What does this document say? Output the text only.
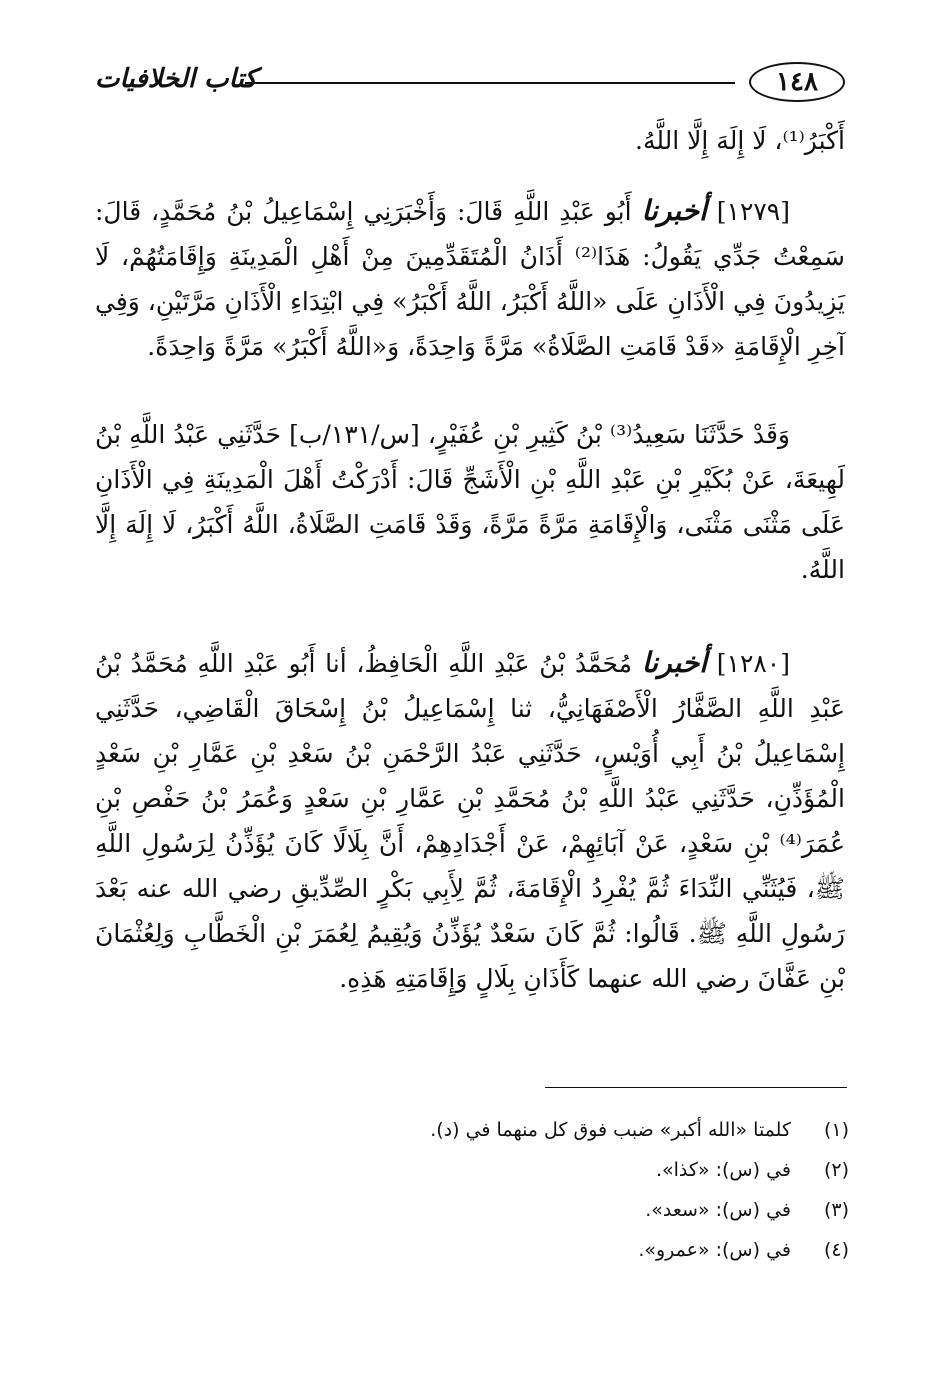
كتاب الخلافيات	١٤٨
أَكْبَرُ⁽¹⁾، لَا إِلَهَ إِلَّا اللَّهُ.
[١٢٧٩] أخبرنا أَبُو عَبْدِ اللَّهِ قَالَ: وَأَخْبَرَنِي إِسْمَاعِيلُ بْنُ مُحَمَّدٍ، قَالَ: سَمِعْتُ جَدِّي يَقُولُ: هَذَا⁽²⁾ أَذَانُ الْمُتَقَدِّمِينَ مِنْ أَهْلِ الْمَدِينَةِ وَإِقَامَتُهُمْ، لَا يَزِيدُونَ فِي الْأَذَانِ عَلَى «اللَّهُ أَكْبَرُ، اللَّهُ أَكْبَرُ» فِي ابْتِدَاءِ الْأَذَانِ مَرَّتَيْنِ، وَفِي آخِرِ الْإِقَامَةِ «قَدْ قَامَتِ الصَّلَاةُ» مَرَّةً وَاحِدَةً، وَ«اللَّهُ أَكْبَرُ» مَرَّةً وَاحِدَةً.
وَقَدْ حَدَّثَنَا سَعِيدُ⁽³⁾ بْنُ كَثِيرِ بْنِ عُفَيْرٍ، [س/١٣١/ب] حَدَّثَنِي عَبْدُ اللَّهِ بْنُ لَهِيعَةَ، عَنْ بُكَيْرِ بْنِ عَبْدِ اللَّهِ بْنِ الْأَشَجِّ قَالَ: أَدْرَكْتُ أَهْلَ الْمَدِينَةِ فِي الْأَذَانِ عَلَى مَثْنَى مَثْنَى، وَالْإِقَامَةِ مَرَّةً مَرَّةً، وَقَدْ قَامَتِ الصَّلَاةُ، اللَّهُ أَكْبَرُ، لَا إِلَهَ إِلَّا اللَّهُ.
[١٢٨٠] أخبرنا مُحَمَّدُ بْنُ عَبْدِ اللَّهِ الْحَافِظُ، أنا أَبُو عَبْدِ اللَّهِ مُحَمَّدُ بْنُ عَبْدِ اللَّهِ الصَّفَّارُ الْأَصْفَهَانِيُّ، ثنا إِسْمَاعِيلُ بْنُ إِسْحَاقَ الْقَاضِي، حَدَّثَنِي إِسْمَاعِيلُ بْنُ أَبِي أُوَيْسٍ، حَدَّثَنِي عَبْدُ الرَّحْمَنِ بْنُ سَعْدِ بْنِ عَمَّارِ بْنِ سَعْدٍ الْمُؤَذِّنِ، حَدَّثَنِي عَبْدُ اللَّهِ بْنُ مُحَمَّدِ بْنِ عَمَّارِ بْنِ سَعْدٍ وَعُمَرُ بْنُ حَفْصِ بْنِ عُمَرَ⁽⁴⁾ بْنِ سَعْدٍ، عَنْ آبَائِهِمْ، عَنْ أَجْدَادِهِمْ، أَنَّ بِلَالًا كَانَ يُؤَذِّنُ لِرَسُولِ اللَّهِ ﷺ، فَيُثَنِّي النِّدَاءَ ثُمَّ يُفْرِدُ الْإِقَامَةَ، ثُمَّ لِأَبِي بَكْرٍ الصِّدِّيقِ رضي الله عنه بَعْدَ رَسُولِ اللَّهِ ﷺ. قَالُوا: ثُمَّ كَانَ سَعْدٌ يُؤَذِّنُ وَيُقِيمُ لِعُمَرَ بْنِ الْخَطَّابِ وَلِعُثْمَانَ بْنِ عَفَّانَ رضي الله عنهما كَأَذَانِ بِلَالٍ وَإِقَامَتِهِ هَذِهِ.
(١)
كلمتا «الله أكبر» ضبب فوق كل منهما في (د).
(٢)
في (س): «كذا».
(٣)
في (س): «سعد».
(٤)
في (س): «عمرو».
